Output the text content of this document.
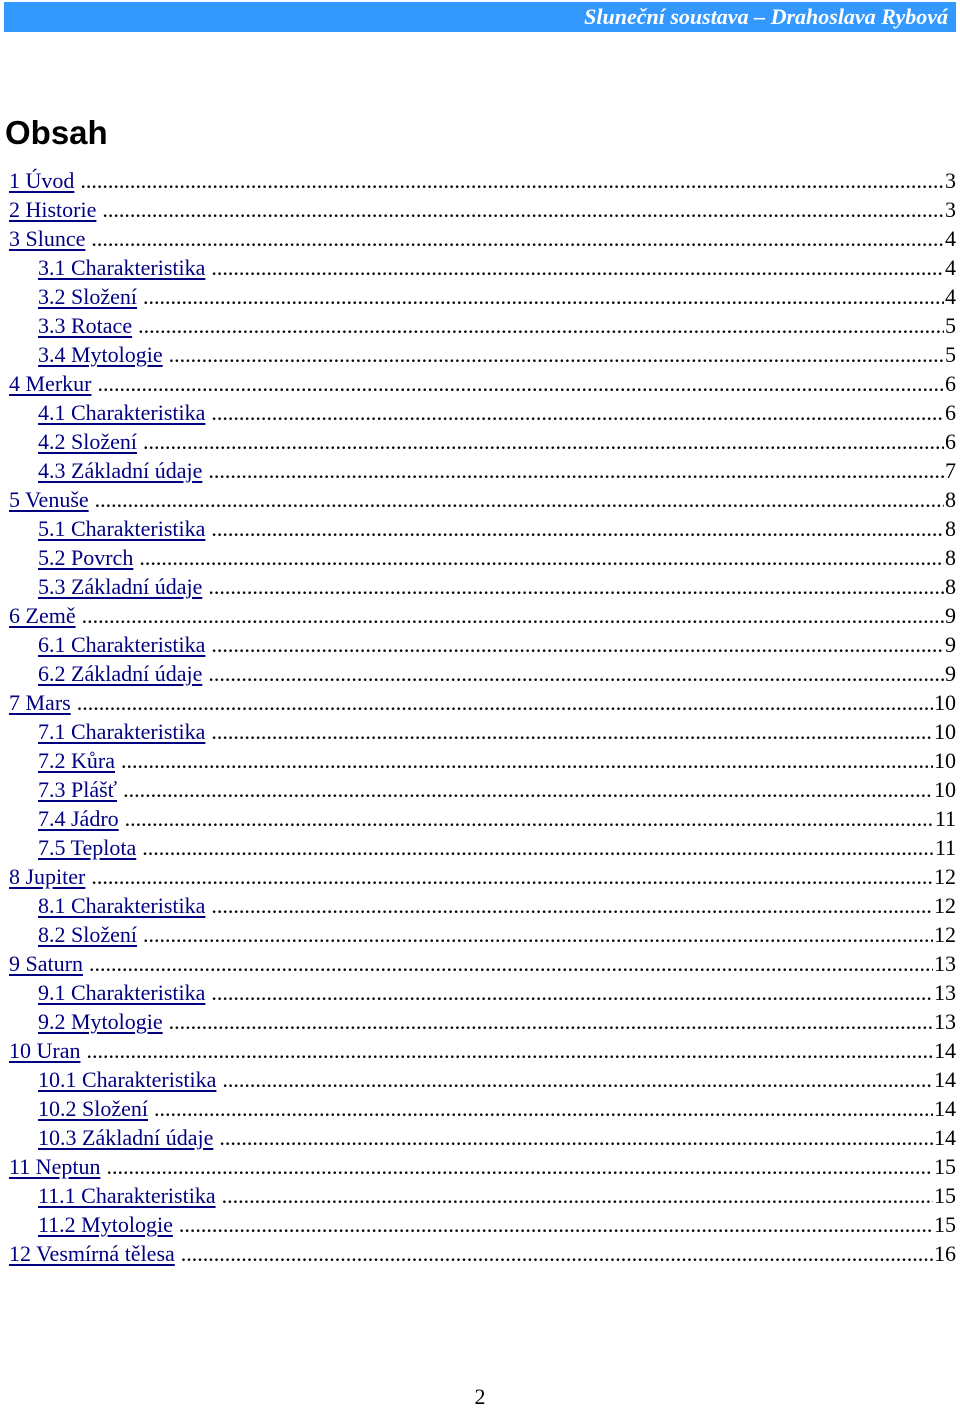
Sluneční soustava – Drahoslava Rybová
Obsah
1 Úvod .....	3
2 Historie .....	3
3 Slunce .....	4
3.1 Charakteristika .....	4
3.2 Složení .....	4
3.3 Rotace .....	5
3.4 Mytologie .....	5
4 Merkur .....	6
4.1 Charakteristika .....	6
4.2 Složení .....	6
4.3 Základní údaje .....	7
5 Venuše .....	8
5.1 Charakteristika .....	8
5.2 Povrch .....	8
5.3 Základní údaje .....	8
6 Země .....	9
6.1 Charakteristika .....	9
6.2 Základní údaje .....	9
7 Mars .....	10
7.1 Charakteristika .....	10
7.2 Kůra .....	10
7.3 Plášť .....	10
7.4 Jádro .....	11
7.5 Teplota .....	11
8 Jupiter .....	12
8.1 Charakteristika .....	12
8.2 Složení .....	12
9 Saturn .....	13
9.1 Charakteristika .....	13
9.2 Mytologie .....	13
10 Uran .....	14
10.1 Charakteristika .....	14
10.2 Složení .....	14
10.3 Základní údaje .....	14
11 Neptun .....	15
11.1 Charakteristika .....	15
11.2 Mytologie .....	15
12 Vesmírná tělesa .....	16
2
